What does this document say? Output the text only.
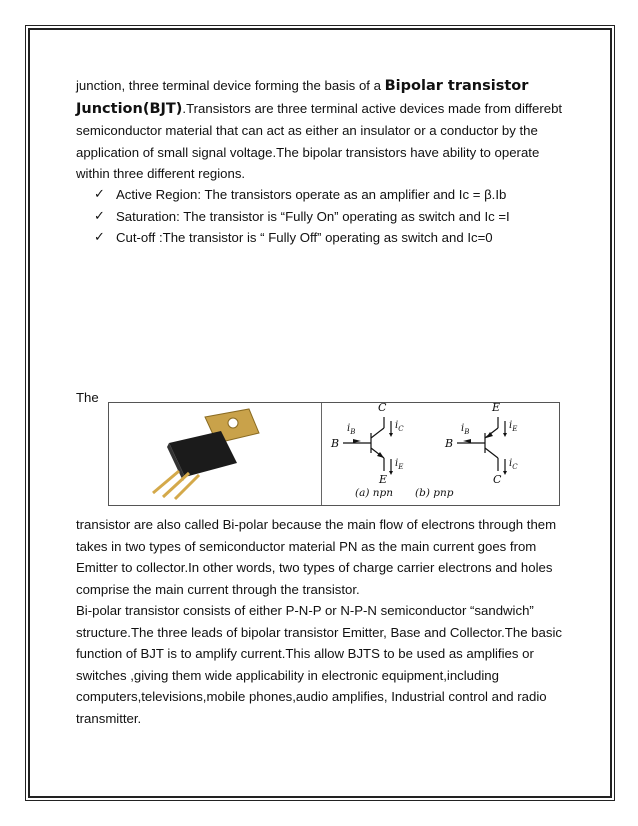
junction, three terminal device forming the basis of a Bipolar transistor Junction(BJT).Transistors are three terminal active devices made from differebt semiconductor material that can act as either an insulator or a conductor by the application of small signal voltage.The bipolar transistors have ability to operate within three different regions.

✓ Active Region: The transistors operate as an amplifier and Ic = β.Ib
✓ Saturation: The transistor is “Fully On” operating as switch and Ic =I
✓ Cut-off :The transistor is “ Fully Off” operating as switch and Ic=0
The
C
B
$i_B$
$i_C$
$i_E$
E
(a) npn
E
B
$i_B$
$i_E$
$i_C$
C
(b) pnp

transistor are also called Bi-polar because the main flow of electrons through them takes in two types of semiconductor material PN as the main current goes from Emitter to collector.In other words, two types of charge carrier electrons and holes comprise the main current through the transistor.

Bi-polar transistor consists of either P-N-P or N-P-N semiconductor “sandwich” structure.The three leads of bipolar transistor Emitter, Base and Collector.The basic function of BJT is to amplify current.This allow BJTS to be used as amplifies or switches ,giving them wide applicability in electronic equipment,including computers,televisions,mobile phones,audio amplifies, Industrial control and radio transmitter.
